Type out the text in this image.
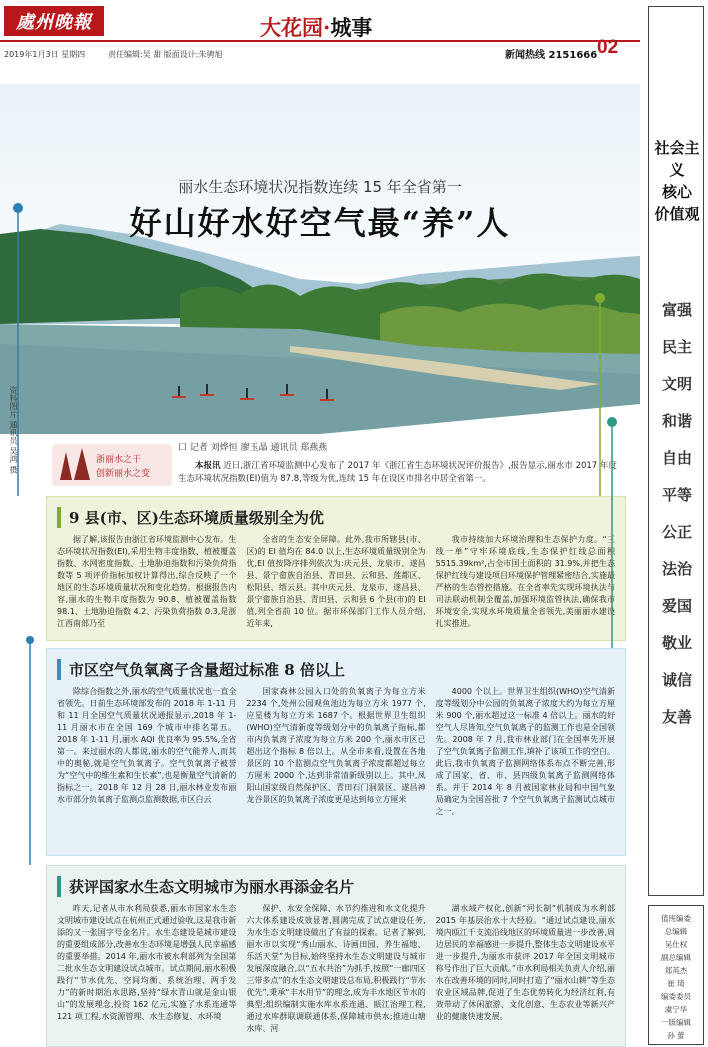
處州晚報	大花园·城事
2019年1月3日 星期四	责任编辑:吴 甜 版面设计:朱骋旭	新闻热线 2151666 02
丽水生态环境状况指数连续 15 年全省第一
好山好水好空气最“养”人
资料图片 通讯员 吴鸿 摄	浙丽水之干
创新丽水之变
口 记者 刘烨恒 廖玉晶 通讯员 郑燕燕
本报讯 近日,浙江省环境监测中心发布了 2017 年《浙江省生态环境状况评价报告》,报告显示,丽水市 2017 年度生态环境状况指数(EI)值为 87.8,等级为优,连续 15 年在设区市排名中居全省第一。
9 县(市、区)生态环境质量级别全为优

据了解,该报告由浙江省环境监测中心发布。生态环境状况指数(EI),采用生物丰度指数、植被覆盖指数、水网密度指数、土地胁迫指数和污染负荷指数等 5 项评价指标加权计算得出,综合反映了一个地区的生态环境质量状况和变化趋势。根据报告内容,丽水的生物丰度指数为 90.8、植被覆盖指数 98.1、土地胁迫指数 4.2、污染负荷指数 0.3,是浙江西南部乃至

全省的生态安全屏障。此外,我市所辖县(市、区)的 EI 值均在 84.0 以上,生态环境质量级别全为优,EI 值按降序排列依次为:庆元县、龙泉市、遂昌县、景宁畲族自治县、青田县、云和县、莲都区、松阳县、缙云县。其中庆元县、龙泉市、遂昌县、景宁畲族自治县、青田县、云和县 6 个县(市)的 EI 值,列全省前 10 位。据市环保部门工作人员介绍,近年来,

我市持续加大环境治理和生态保护力度。“三线一单”守牢环境底线,生态保护红线总面积 5515.39km²,占全市国土面积的 31.9%,并把生态保护红线与建设项目环境保护管理紧密结合,实施最严格的生态管控措施。在全省率先实现环境执法与司法联动机制全覆盖,加强环境监管执法,确保我市环境安全,实现水环境质量全省领先,美丽丽水建设扎实推进。

市区空气负氧离子含量超过标准 8 倍以上

除综合指数之外,丽水的空气质量状况也一直全省领先。日前生态环境部发布的 2018 年 1-11 月和 11 月全国空气质量状况通报显示,2018 年 1-11 月丽水市在全国 169 个城市中排名第五。2018 年 1-11 月,丽水 AQI 优良率为 95.5%,全省第一。来过丽水的人都说,丽水的空气能养人,而其中的奥秘,就是空气负氧离子。空气负氧离子被誉为“空气中的维生素和生长素”,也是衡量空气清新的指标之一。2018 年 12 月 28 日,丽水林业发布丽水市部分负氧离子监测点监测数据,市区白云

国家森林公园入口处的负氧离子为每立方米 2234 个,处州公园观鱼池边为每立方米 1977 个,应星楼为每立方米 1687 个。根据世界卫生组织(WHO)空气清新度等级划分中的负氧离子指标,都市内负氧离子浓度为每立方米 200 个,丽水市区已超出这个指标 8 倍以上。从全市来看,设置在各地景区的 10 个监测点空气负氧离子浓度都超过每立方厘米 2000 个,达到非常清新级别以上。其中,凤阳山国家级自然保护区、青田石门洞景区、遂昌神龙谷景区的负氧离子浓度更是达到每立方厘米

4000 个以上。世界卫生组织(WHO)空气清新度等级划分中公园的负氧离子浓度大约为每立方厘米 900 个,丽水超过这一标准 4 倍以上。丽水的好空气人尽皆知,空气负氧离子的监测工作也是全国领先。2008 年 7 月,我市林业部门在全国率先开展了空气负氧离子监测工作,填补了该项工作的空白。此后,我市负氧离子监测网络体系布点不断完善,形成了国家、省、市、县四级负氧离子监测网络体系。并于 2014 年 8 月被国家林业局和中国气象局确定为全国首批 7 个空气负氧离子监测试点城市之一。

获评国家水生态文明城市为丽水再添金名片

昨天,记者从市水利局获悉,丽水市国家水生态文明城市建设试点在杭州正式通过验收,这是我市新添的又一张国字号金名片。水生态建设是城市建设的重要组成部分,改善水生态环境是增强人民幸福感的重要举措。2014 年,丽水市被水利部列为全国第二批水生态文明建设试点城市。试点期间,丽水积极践行“节水优先、空间均衡、系统治理、两手发力”的新时期治水思路,坚持“绿水青山就是金山银山”的发展理念,投资 162 亿元,实施了水系连通等 121 项工程,水资源管理、水生态修复、水环境

保护、水安全保障、水节约推进和水文化提升六大体系建设成效显著,圆满完成了试点建设任务,为水生态文明建设做出了有益的探索。记者了解到,丽水市以实现“秀山丽水、诗画田园、养生福地、乐活天堂”为目标,始终坚持水生态文明建设与城市发展深度融合,以“五水共治”为抓手,按照“一廊四区三带多点”的水生态文明建设总布局,积极践行“节水优先”,秉承“丰水用节”的理念,成为丰水地区节水的典型;组织编制实施水库水系连通、瓯江治理工程,通过水库群联调联通体系,保障城市供水;推进山塘水库、河

湖水域产权化,创新“河长制”机制成为水利部 2015 年基层治水十大经验。“通过试点建设,丽水境内瓯江千支流沿线地区的环境质量进一步改善,周边居民的幸福感进一步提升,整体生态文明建设水平进一步提升,为丽水市获评 2017 年全国文明城市称号作出了巨大贡献。”市水利局相关负责人介绍,丽水在改善环境的同时,同时打造了“丽水山耕”等生态农业区域品牌,促进了生态优势转化为经济红利,有效带动了休闲旅游、文化创意、生态农业等新兴产业的健康快速发展。

社会主义
核心
价值观
富强
民主
文明
和谐
自由
平等
公正
法治
爱国
敬业
诚信
友善
值班编委
总编辑
吴仕权
副总编辑
郑英杰
崔 琦
编委委员
虞宁华
一版编辑
孙 蕾
